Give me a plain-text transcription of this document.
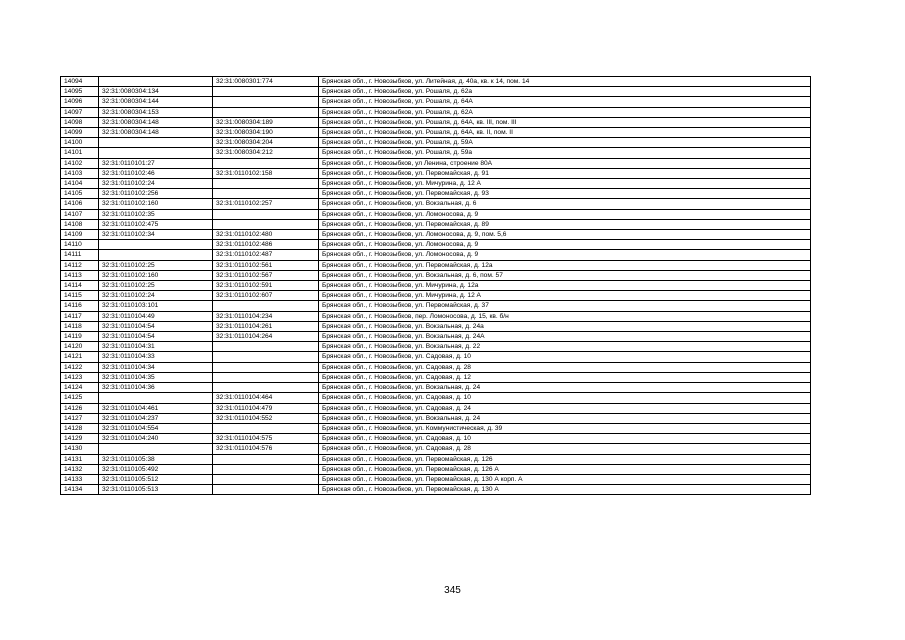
14094		32:31:0080301:774	Брянская обл., г. Новозыбков, ул. Литейная, д. 40а, кв. к 14, пом. 14
14095	32:31:0080304:134		Брянская обл., г. Новозыбков, ул. Рошаля, д. 62а
14096	32:31:0080304:144		Брянская обл., г. Новозыбков, ул. Рошаля, д. 64А
14097	32:31:0080304:153		Брянская обл., г. Новозыбков, ул. Рошаля, д. 62А
14098	32:31:0080304:148	32:31:0080304:189	Брянская обл., г. Новозыбков, ул. Рошаля, д. 64А, кв. III, пом. III
14099	32:31:0080304:148	32:31:0080304:190	Брянская обл., г. Новозыбков, ул. Рошаля, д. 64А, кв. II, пом. II
14100		32:31:0080304:204	Брянская обл., г. Новозыбков, ул. Рошаля, д. 59А
14101		32:31:0080304:212	Брянская обл., г. Новозыбков, ул. Рошаля, д. 59а
14102	32:31:0110101:27		Брянская обл., г. Новозыбков, ул Ленина, строение 80А
14103	32:31:0110102:46	32:31:0110102:158	Брянская обл., г. Новозыбков, ул. Первомайская, д. 91
14104	32:31:0110102:24		Брянская обл., г. Новозыбков, ул. Мичурина, д. 12 А
14105	32:31:0110102:256		Брянская обл., г. Новозыбков, ул. Первомайская, д. 93
14106	32:31:0110102:160	32:31:0110102:257	Брянская обл., г. Новозыбков, ул. Вокзальная, д. 6
14107	32:31:0110102:35		Брянская обл., г. Новозыбков, ул. Ломоносова, д. 9
14108	32:31:0110102:475		Брянская обл., г. Новозыбков, ул. Первомайская, д. 89
14109	32:31:0110102:34	32:31:0110102:480	Брянская обл., г. Новозыбков, ул. Ломоносова, д. 9, пом. 5,6
14110		32:31:0110102:486	Брянская обл., г. Новозыбков, ул. Ломоносова, д. 9
14111		32:31:0110102:487	Брянская обл., г. Новозыбков, ул. Ломоносова, д. 9
14112	32:31:0110102:25	32:31:0110102:561	Брянская обл., г. Новозыбков, ул. Первомайская, д. 12а
14113	32:31:0110102:160	32:31:0110102:567	Брянская обл., г. Новозыбков, ул. Вокзальная, д. 6, пом. 57
14114	32:31:0110102:25	32:31:0110102:591	Брянская обл., г. Новозыбков, ул. Мичурина, д. 12а
14115	32:31:0110102:24	32:31:0110102:607	Брянская обл., г. Новозыбков, ул. Мичурина, д. 12 А
14116	32:31:0110103:101		Брянская обл., г. Новозыбков, ул. Первомайская, д. 37
14117	32:31:0110104:49	32:31:0110104:234	Брянская обл., г. Новозыбков, пер. Ломоносова, д. 15, кв. б/н
14118	32:31:0110104:54	32:31:0110104:261	Брянская обл., г. Новозыбков, ул. Вокзальная, д. 24а
14119	32:31:0110104:54	32:31:0110104:264	Брянская обл., г. Новозыбков, ул. Вокзальная, д. 24А
14120	32:31:0110104:31		Брянская обл., г. Новозыбков, ул. Вокзальная, д. 22
14121	32:31:0110104:33		Брянская обл., г. Новозыбков, ул. Садовая, д. 10
14122	32:31:0110104:34		Брянская обл., г. Новозыбков, ул. Садовая, д. 28
14123	32:31:0110104:35		Брянская обл., г. Новозыбков, ул. Садовая, д. 12
14124	32:31:0110104:36		Брянская обл., г. Новозыбков, ул. Вокзальная, д. 24
14125		32:31:0110104:464	Брянская обл., г. Новозыбков, ул. Садовая, д. 10
14126	32:31:0110104:461	32:31:0110104:479	Брянская обл., г. Новозыбков, ул. Садовая, д. 24
14127	32:31:0110104:237	32:31:0110104:552	Брянская обл., г. Новозыбков, ул. Вокзальная, д. 24
14128	32:31:0110104:554		Брянская обл., г. Новозыбков, ул. Коммунистическая, д. 39
14129	32:31:0110104:240	32:31:0110104:575	Брянская обл., г. Новозыбков, ул. Садовая, д. 10
14130		32:31:0110104:576	Брянская обл., г. Новозыбков, ул. Садовая, д. 28
14131	32:31:0110105:38		Брянская обл., г. Новозыбков, ул. Первомайская, д. 126
14132	32:31:0110105:492		Брянская обл., г. Новозыбков, ул. Первомайская, д. 126 А
14133	32:31:0110105:512		Брянская обл., г. Новозыбков, ул. Первомайская, д. 130 А корп. А
14134	32:31:0110105:513		Брянская обл., г. Новозыбков, ул. Первомайская, д. 130 А
345
